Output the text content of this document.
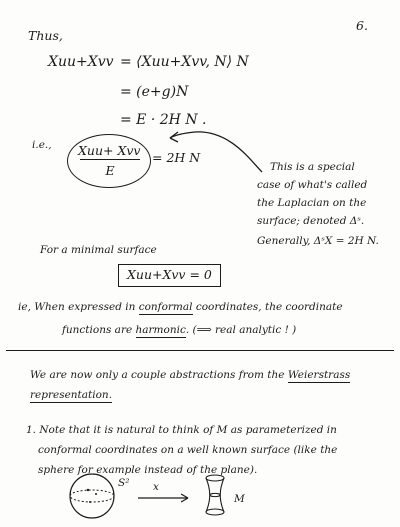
6.
Thus,
Xuu+Xvv = ⟨Xuu+Xvv, N⟩ N
= (e+g)N
= E · 2H N .
i.e., Xuu+ Xvv
E
= 2H N
This is a special
case of what's called
the Laplacian on the
surface; denoted Δˢ.
Generally, ΔˢX = 2H N.
For a minimal surface
Xuu+Xvv = 0
ie, When expressed in conformal coordinates, the coordinate
functions are harmonic. (⟹ real analytic ! )
We are now only a couple abstractions from the Weierstrass
representation.
1. Note that it is natural to think of M as parameterized in
conformal coordinates on a well known surface (like the
sphere for example instead of the plane).
S² x
M
